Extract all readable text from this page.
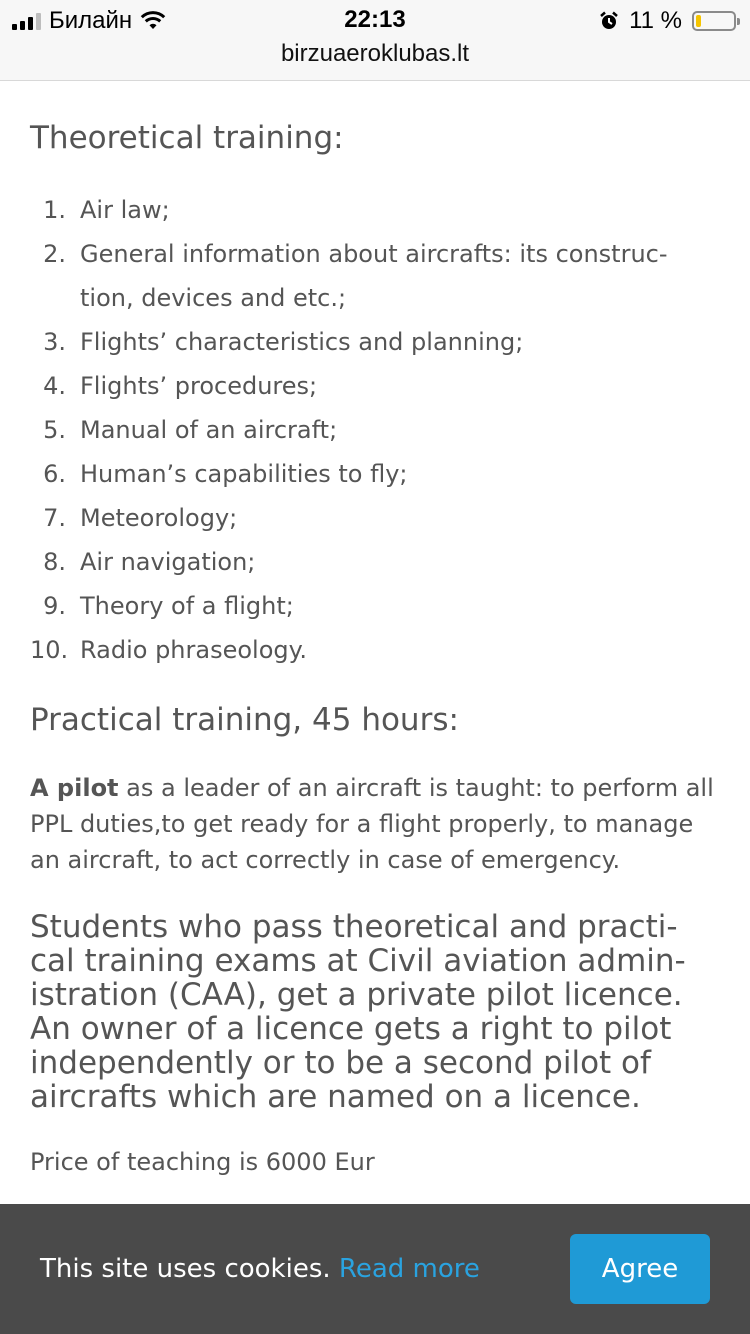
Билайн	22:13	11 %
birzuaeroklubas.lt
Theoretical training:
1. Air law;
2. General information about aircrafts: its construc-tion, devices and etc.;
3. Flights’ characteristics and planning;
4. Flights’ procedures;
5. Manual of an aircraft;
6. Human’s capabilities to fly;
7. Meteorology;
8. Air navigation;
9. Theory of a flight;
10. Radio phraseology.
Practical training, 45 hours:

A pilot as a leader of an aircraft is taught: to perform all PPL duties,to get ready for a flight properly, to manage an aircraft, to act correctly in case of emergency.

Students who pass theoretical and practi-cal training exams at Civil aviation admin-istration (CAA), get a private pilot licence. An owner of a licence gets a right to pilot independently or to be a second pilot of aircrafts which are named on a licence.

Price of teaching is 6000 Eur

This site uses cookies. Read more	Agree
